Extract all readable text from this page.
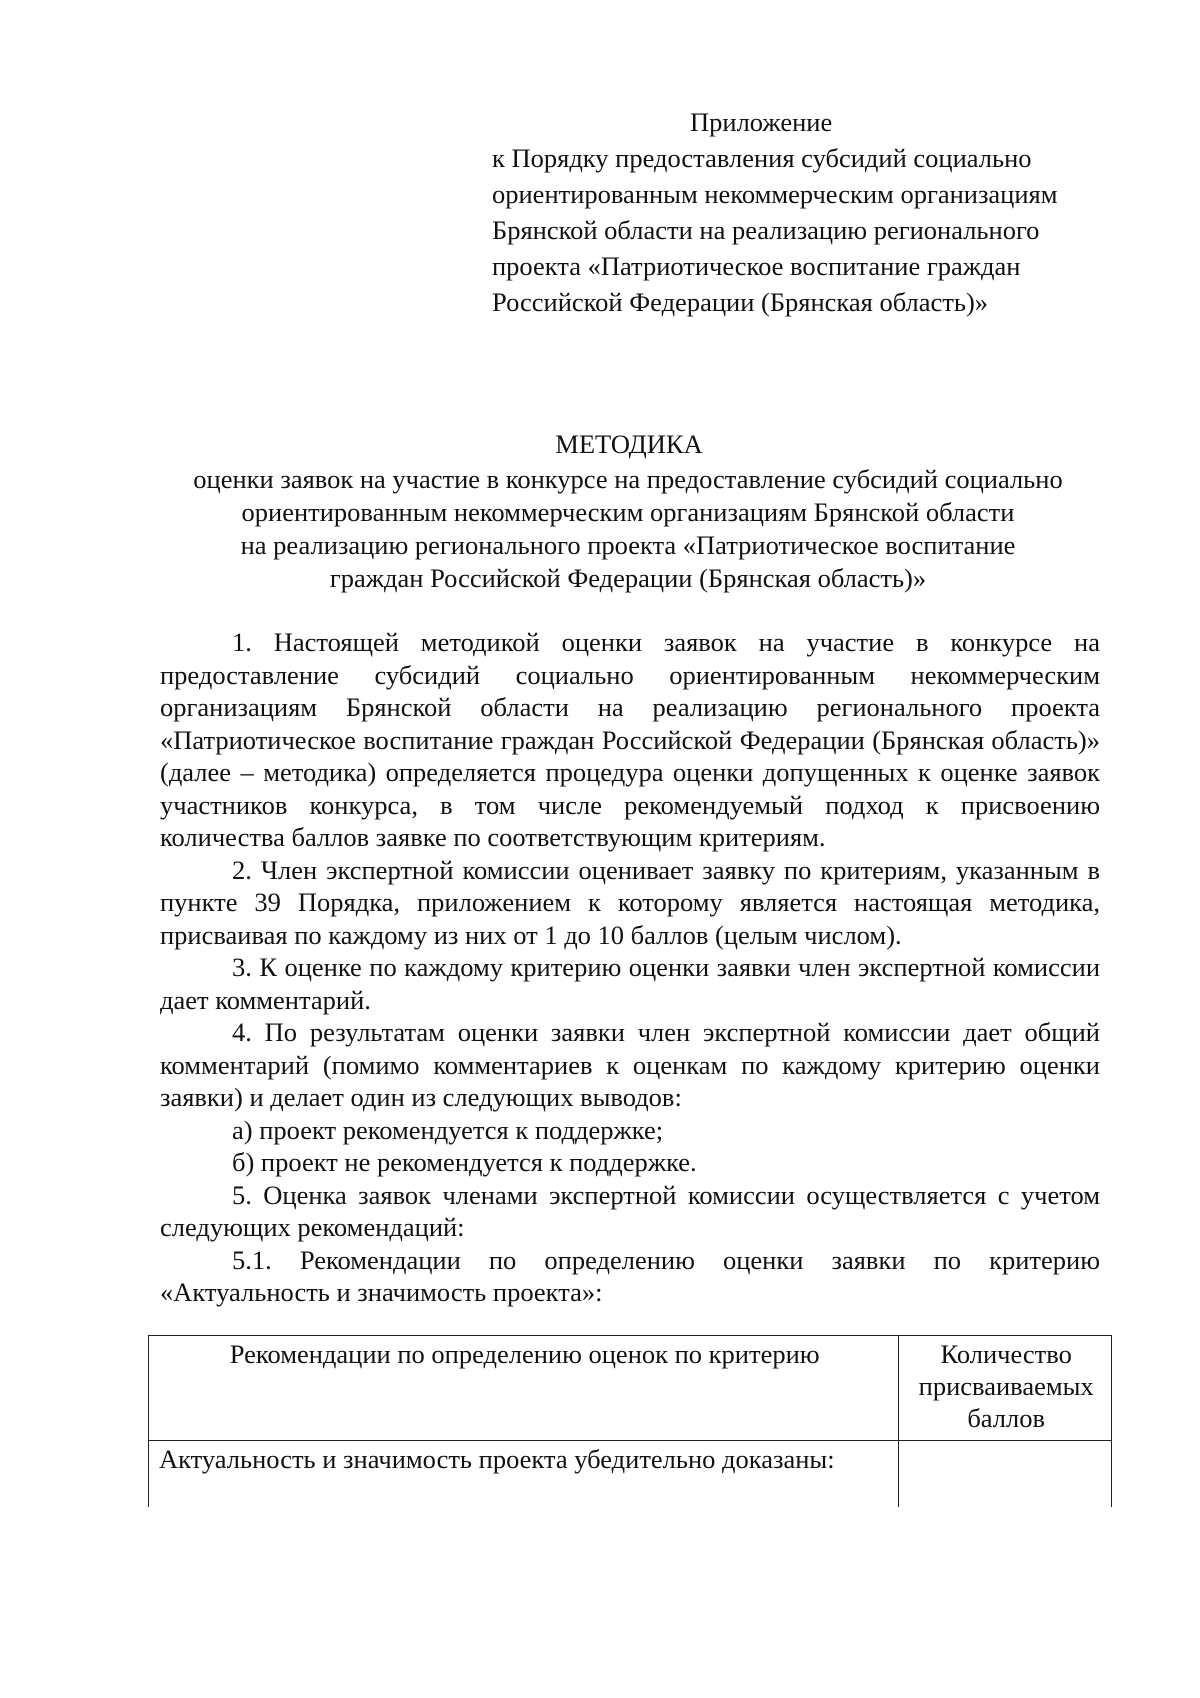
Приложение
к Порядку предоставления субсидий социально
ориентированным некоммерческим организациям
Брянской области на реализацию регионального
проекта «Патриотическое воспитание граждан
Российской Федерации (Брянская область)»
МЕТОДИКА
оценки заявок на участие в конкурсе на предоставление субсидий социально
ориентированным некоммерческим организациям Брянской области
на реализацию регионального проекта «Патриотическое воспитание
граждан Российской Федерации (Брянская область)»

1. Настоящей методикой оценки заявок на участие в конкурсе на предоставление субсидий социально ориентированным некоммерческим организациям Брянской области на реализацию регионального проекта «Патриотическое воспитание граждан Российской Федерации (Брянская область)» (далее – методика) определяется процедура оценки допущенных к оценке заявок участников конкурса, в том числе рекомендуемый подход к присвоению количества баллов заявке по соответствующим критериям.

2. Член экспертной комиссии оценивает заявку по критериям, указанным в пункте 39 Порядка, приложением к которому является настоящая методика, присваивая по каждому из них от 1 до 10 баллов (целым числом).

3. К оценке по каждому критерию оценки заявки член экспертной комиссии дает комментарий.

4. По результатам оценки заявки член экспертной комиссии дает общий комментарий (помимо комментариев к оценкам по каждому критерию оценки заявки) и делает один из следующих выводов:

а) проект рекомендуется к поддержке;

б) проект не рекомендуется к поддержке.

5. Оценка заявок членами экспертной комиссии осуществляется с учетом следующих рекомендаций:

5.1. Рекомендации по определению оценки заявки по критерию «Актуальность и значимость проекта»:

Рекомендации по определению оценок по критерию	Количество присваиваемых баллов
Актуальность и значимость проекта убедительно доказаны:	
